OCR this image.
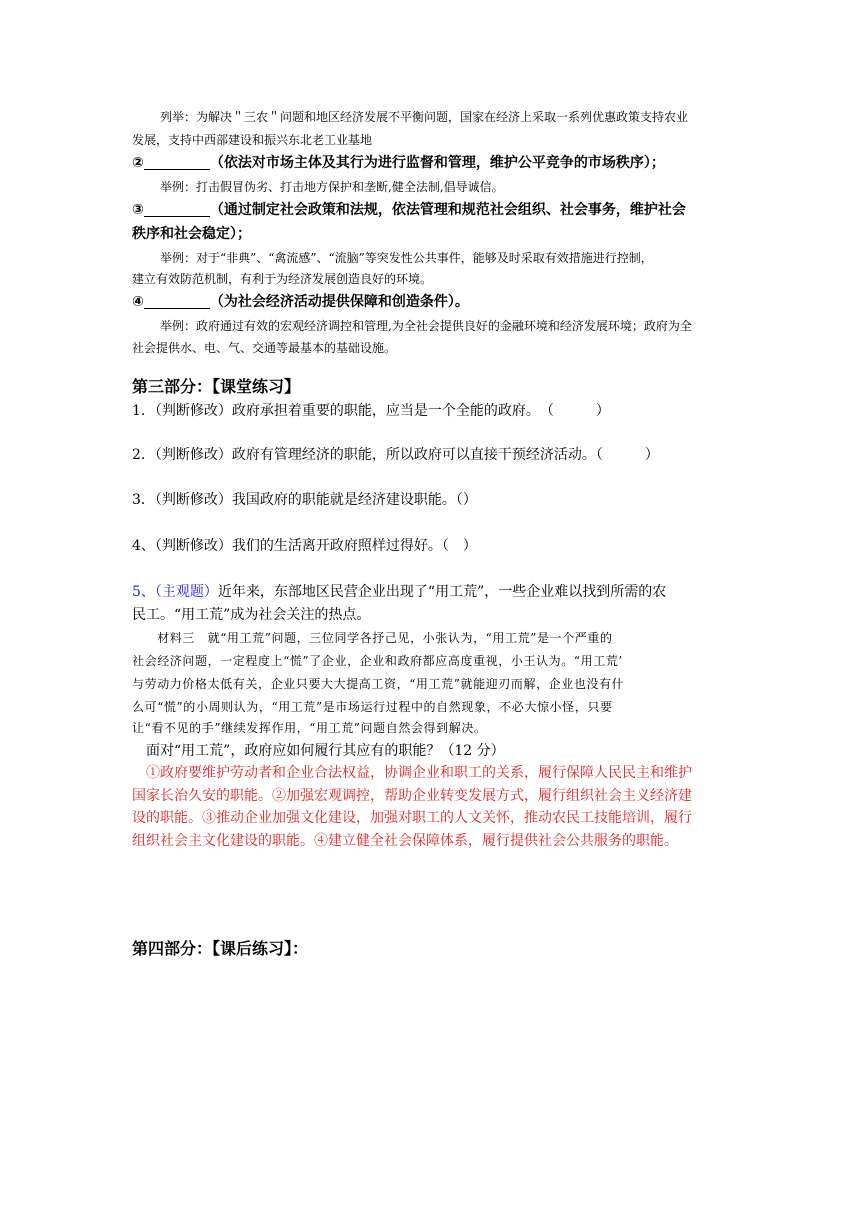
列举：为解决＂三农＂问题和地区经济发展不平衡问题，国家在经济上采取一系列优惠政策支持农业
发展，支持中西部建设和振兴东北老工业基地
②	（依法对市场主体及其行为进行监督和管理，维护公平竞争的市场秩序）；
举例：打击假冒伪劣、打击地方保护和垄断,健全法制,倡导诚信。
③	（通过制定社会政策和法规，依法管理和规范社会组织、社会事务，维护社会
秩序和社会稳定）；
举例：对于“非典”、“禽流感”、“流脑”等突发性公共事件，能够及时采取有效措施进行控制，
建立有效防范机制，有利于为经济发展创造良好的环境。
④	（为社会经济活动提供保障和创造条件）。
举例：政府通过有效的宏观经济调控和管理,为全社会提供良好的金融环境和经济发展环境；政府为全
社会提供水、电、气、交通等最基本的基础设施。
第三部分：【课堂练习】
1．（判断修改）政府承担着重要的职能，应当是一个全能的政府。　（　　　）
2．（判断修改）政府有管理经济的职能，所以政府可以直接干预经济活动。（　　　）
3．（判断修改）我国政府的职能就是经济建设职能。（）
4、（判断修改）我们的生活离开政府照样过得好。（　）
5、（主观题）近年来，东部地区民营企业出现了“用工荒”，一些企业难以找到所需的农
民工。“用工荒”成为社会关注的热点。
　　材料三　就“用工荒”问题，三位同学各抒己见，小张认为，“用工荒”是一个严重的
社会经济问题，一定程度上“慌”了企业，企业和政府都应高度重视，小王认为。“用工荒’
与劳动力价格太低有关，企业只要大大提高工资，“用工荒”就能迎刃而解，企业也没有什
么可“慌”的小周则认为，“用工荒”是市场运行过程中的自然现象，不必大惊小怪，只要
让“看不见的手”继续发挥作用，“用工荒”问题自然会得到解决。
　面对“用工荒”，政府应如何履行其应有的职能？（12 分）
　①政府要维护劳动者和企业合法权益，协调企业和职工的关系，履行保障人民民主和维护
国家长治久安的职能。②加强宏观调控，帮助企业转变发展方式，履行组织社会主义经济建
设的职能。③推动企业加强文化建设，加强对职工的人文关怀，推动农民工技能培训，履行
组织社会主文化建设的职能。④建立健全社会保障体系，履行提供社会公共服务的职能。
第四部分：【课后练习】：
